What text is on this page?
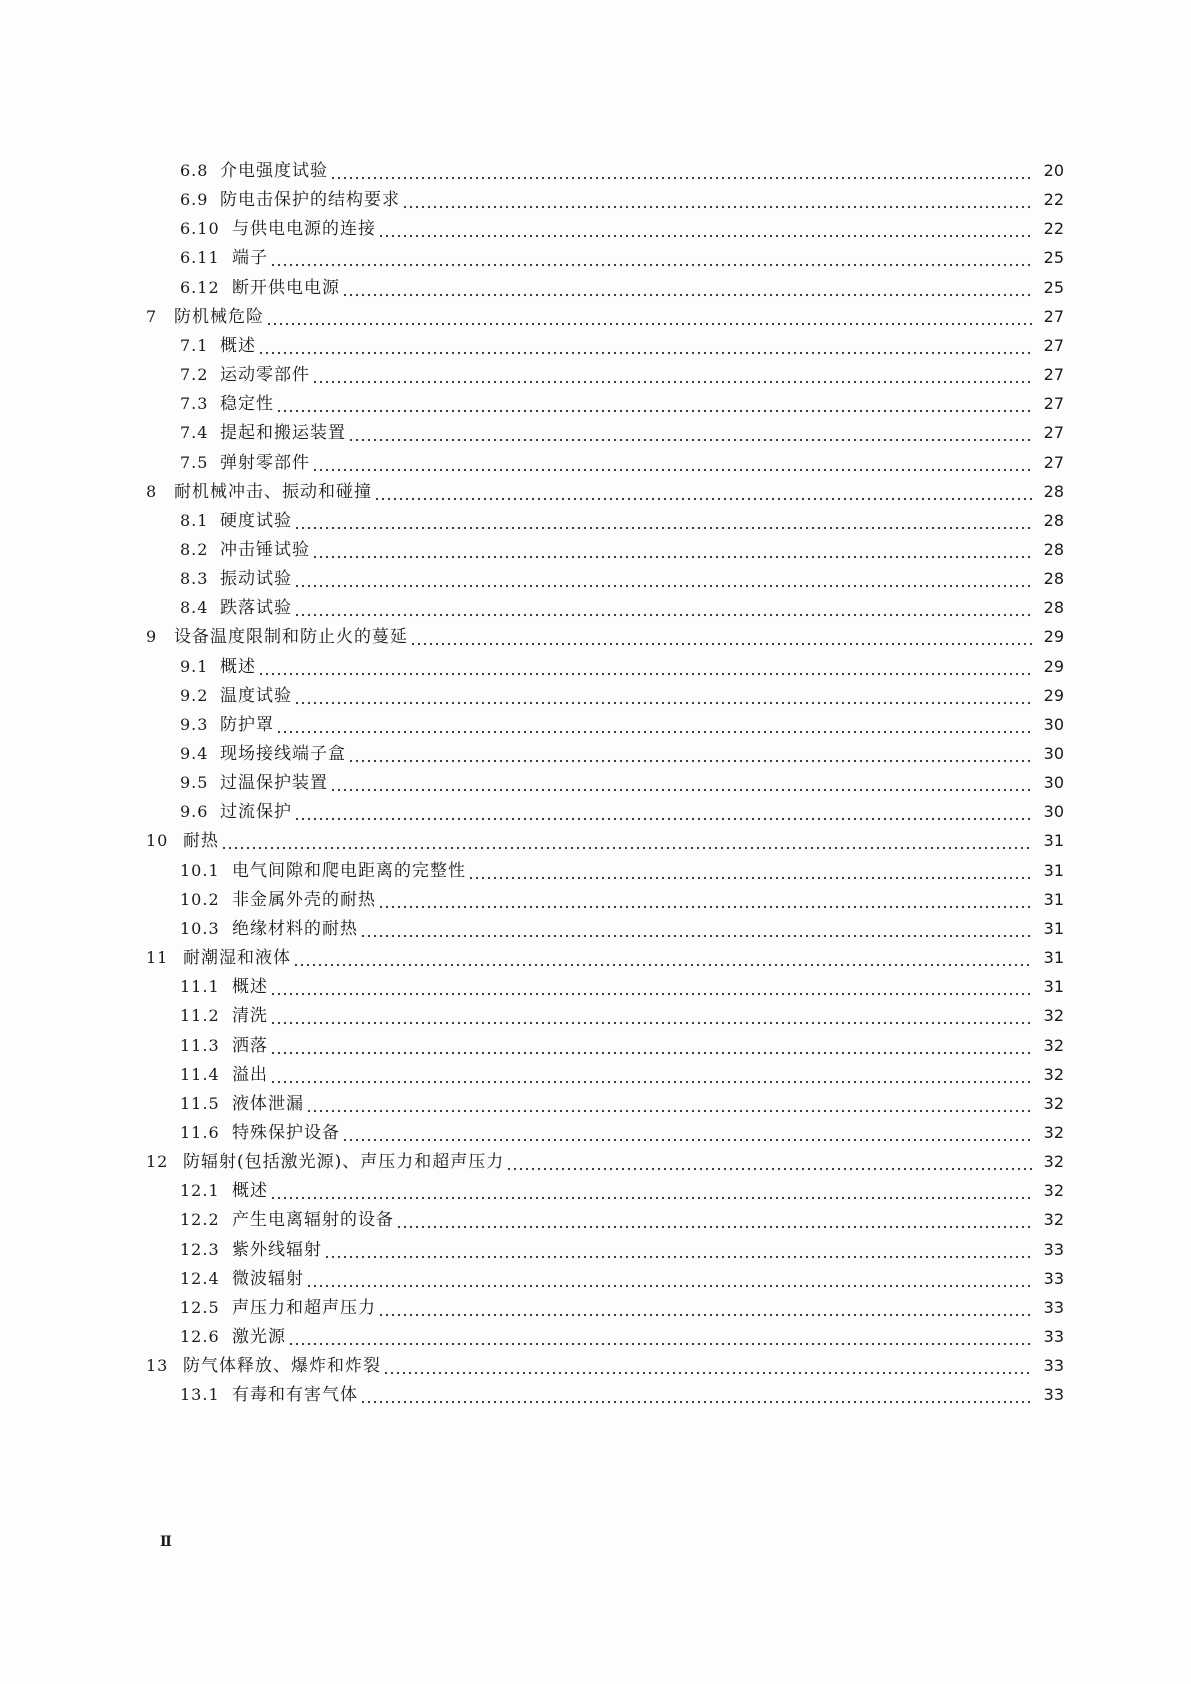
6.8 介电强度试验	20
6.9 防电击保护的结构要求	22
6.10 与供电电源的连接	22
6.11 端子	25
6.12 断开供电电源	25
7 防机械危险	27
7.1 概述	27
7.2 运动零部件	27
7.3 稳定性	27
7.4 提起和搬运装置	27
7.5 弹射零部件	27
8 耐机械冲击、振动和碰撞	28
8.1 硬度试验	28
8.2 冲击锤试验	28
8.3 振动试验	28
8.4 跌落试验	28
9 设备温度限制和防止火的蔓延	29
9.1 概述	29
9.2 温度试验	29
9.3 防护罩	30
9.4 现场接线端子盒	30
9.5 过温保护装置	30
9.6 过流保护	30
10 耐热	31
10.1 电气间隙和爬电距离的完整性	31
10.2 非金属外壳的耐热	31
10.3 绝缘材料的耐热	31
11 耐潮湿和液体	31
11.1 概述	31
11.2 清洗	32
11.3 洒落	32
11.4 溢出	32
11.5 液体泄漏	32
11.6 特殊保护设备	32
12 防辐射(包括激光源)、声压力和超声压力	32
12.1 概述	32
12.2 产生电离辐射的设备	32
12.3 紫外线辐射	33
12.4 微波辐射	33
12.5 声压力和超声压力	33
12.6 激光源	33
13 防气体释放、爆炸和炸裂	33
13.1 有毒和有害气体	33
Ⅱ
